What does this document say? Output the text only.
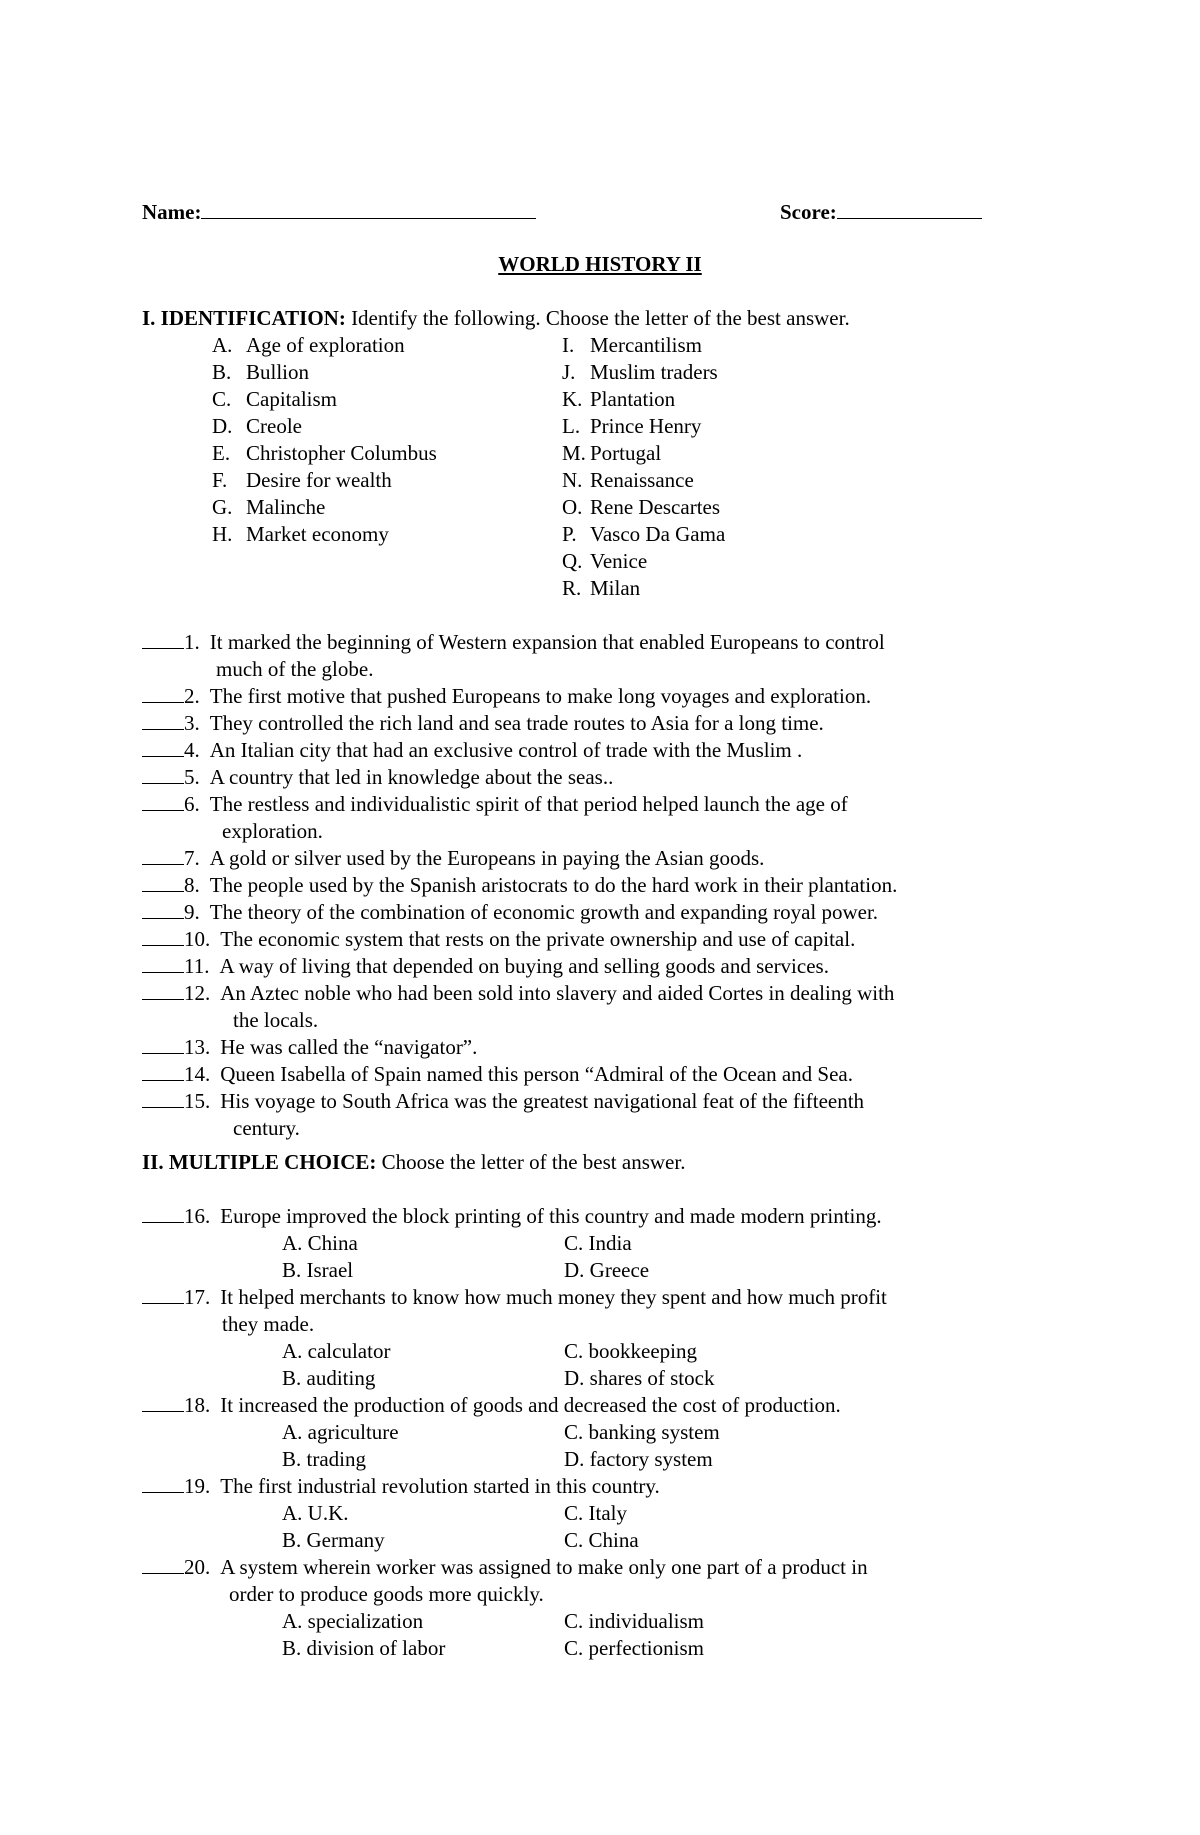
Name:	Score:
WORLD HISTORY II
I. IDENTIFICATION: Identify the following. Choose the letter of the best answer.
A. Age of exploration
B. Bullion
C. Capitalism
D. Creole
E. Christopher Columbus
F. Desire for wealth
G. Malinche
H. Market economy
I. Mercantilism
J. Muslim traders
K. Plantation
L. Prince Henry
M. Portugal
N. Renaissance
O. Rene Descartes
P. Vasco Da Gama
Q. Venice
R. Milan
1. It marked the beginning of Western expansion that enabled Europeans to control
much of the globe.
2. The first motive that pushed Europeans to make long voyages and exploration.
3. They controlled the rich land and sea trade routes to Asia for a long time.
4. An Italian city that had an exclusive control of trade with the Muslim .
5. A country that led in knowledge about the seas..
6. The restless and individualistic spirit of that period helped launch the age of
exploration.
7. A gold or silver used by the Europeans in paying the Asian goods.
8. The people used by the Spanish aristocrats to do the hard work in their plantation.
9. The theory of the combination of economic growth and expanding royal power.
10. The economic system that rests on the private ownership and use of capital.
11. A way of living that depended on buying and selling goods and services.
12. An Aztec noble who had been sold into slavery and aided Cortes in dealing with
the locals.
13. He was called the “navigator”.
14. Queen Isabella of Spain named this person “Admiral of the Ocean and Sea.
15. His voyage to South Africa was the greatest navigational feat of the fifteenth
century.
II. MULTIPLE CHOICE: Choose the letter of the best answer.
16. Europe improved the block printing of this country and made modern printing.
A. China	C. India
B. Israel	D. Greece
17. It helped merchants to know how much money they spent and how much profit
they made.
A. calculator	C. bookkeeping
B. auditing	D. shares of stock
18. It increased the production of goods and decreased the cost of production.
A. agriculture	C. banking system
B. trading	D. factory system
19. The first industrial revolution started in this country.
A. U.K.	C. Italy
B. Germany	C. China
20. A system wherein worker was assigned to make only one part of a product in
order to produce goods more quickly.
A. specialization	C. individualism
B. division of labor	C. perfectionism
